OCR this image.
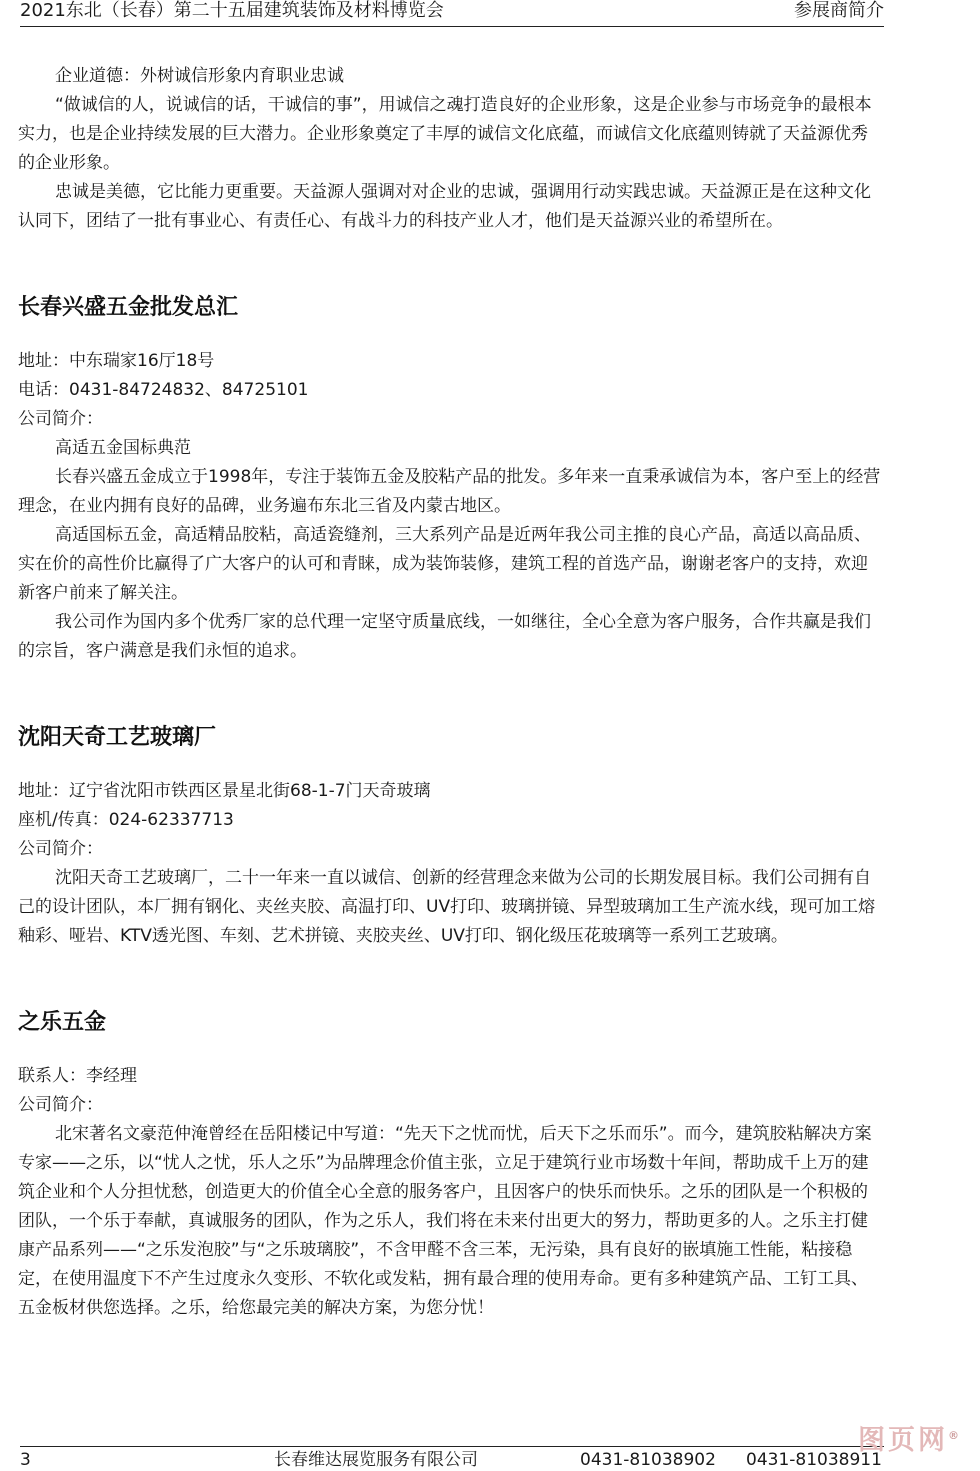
2021东北（长春）第二十五届建筑装饰及材料博览会	参展商简介

企业道德：外树诚信形象内育职业忠诚

“做诚信的人，说诚信的话，干诚信的事”，用诚信之魂打造良好的企业形象，这是企业参与市场竞争的最根本实力，也是企业持续发展的巨大潜力。企业形象奠定了丰厚的诚信文化底蕴，而诚信文化底蕴则铸就了天益源优秀的企业形象。

忠诚是美德，它比能力更重要。天益源人强调对对企业的忠诚，强调用行动实践忠诚。天益源正是在这种文化认同下，团结了一批有事业心、有责任心、有战斗力的科技产业人才，他们是天益源兴业的希望所在。

长春兴盛五金批发总汇

地址：中东瑞家16厅18号

电话：0431-84724832、84725101

公司简介：

高适五金国标典范

长春兴盛五金成立于1998年，专注于装饰五金及胶粘产品的批发。多年来一直秉承诚信为本，客户至上的经营理念，在业内拥有良好的品碑，业务遍布东北三省及内蒙古地区。

高适国标五金，高适精品胶粘，高适瓷缝剂，三大系列产品是近两年我公司主推的良心产品，高适以高品质、实在价的高性价比赢得了广大客户的认可和青睐，成为装饰装修，建筑工程的首选产品，谢谢老客户的支持，欢迎新客户前来了解关注。

我公司作为国内多个优秀厂家的总代理一定坚守质量底线，一如继往，全心全意为客户服务，合作共赢是我们的宗旨，客户满意是我们永恒的追求。

沈阳天奇工艺玻璃厂

地址：辽宁省沈阳市铁西区景星北街68-1-7门天奇玻璃

座机/传真：024-62337713

公司简介：

沈阳天奇工艺玻璃厂，二十一年来一直以诚信、创新的经营理念来做为公司的长期发展目标。我们公司拥有自己的设计团队，本厂拥有钢化、夹丝夹胶、高温打印、UV打印、玻璃拼镜、异型玻璃加工生产流水线，现可加工熔釉彩、哑岩、KTV透光图、车刻、艺术拼镜、夹胶夹丝、UV打印、钢化级压花玻璃等一系列工艺玻璃。

之乐五金

联系人：李经理

公司简介：

北宋著名文豪范仲淹曾经在岳阳楼记中写道：“先天下之忧而忧，后天下之乐而乐”。而今，建筑胶粘解决方案专家——之乐，以“忧人之忧，乐人之乐”为品牌理念价值主张，立足于建筑行业市场数十年间，帮助成千上万的建筑企业和个人分担忧愁，创造更大的价值全心全意的服务客户，且因客户的快乐而快乐。之乐的团队是一个积极的团队，一个乐于奉献，真诚服务的团队，作为之乐人，我们将在未来付出更大的努力，帮助更多的人。之乐主打健康产品系列——“之乐发泡胶”与“之乐玻璃胶”，不含甲醛不含三苯，无污染，具有良好的嵌填施工性能，粘接稳定，在使用温度下不产生过度永久变形、不软化或发粘，拥有最合理的使用寿命。更有多种建筑产品、工钉工具、五金板材供您选择。之乐，给您最完美的解决方案，为您分忧！

3	长春维达展览服务有限公司	0431-81038902 0431-81038911
图页网®
